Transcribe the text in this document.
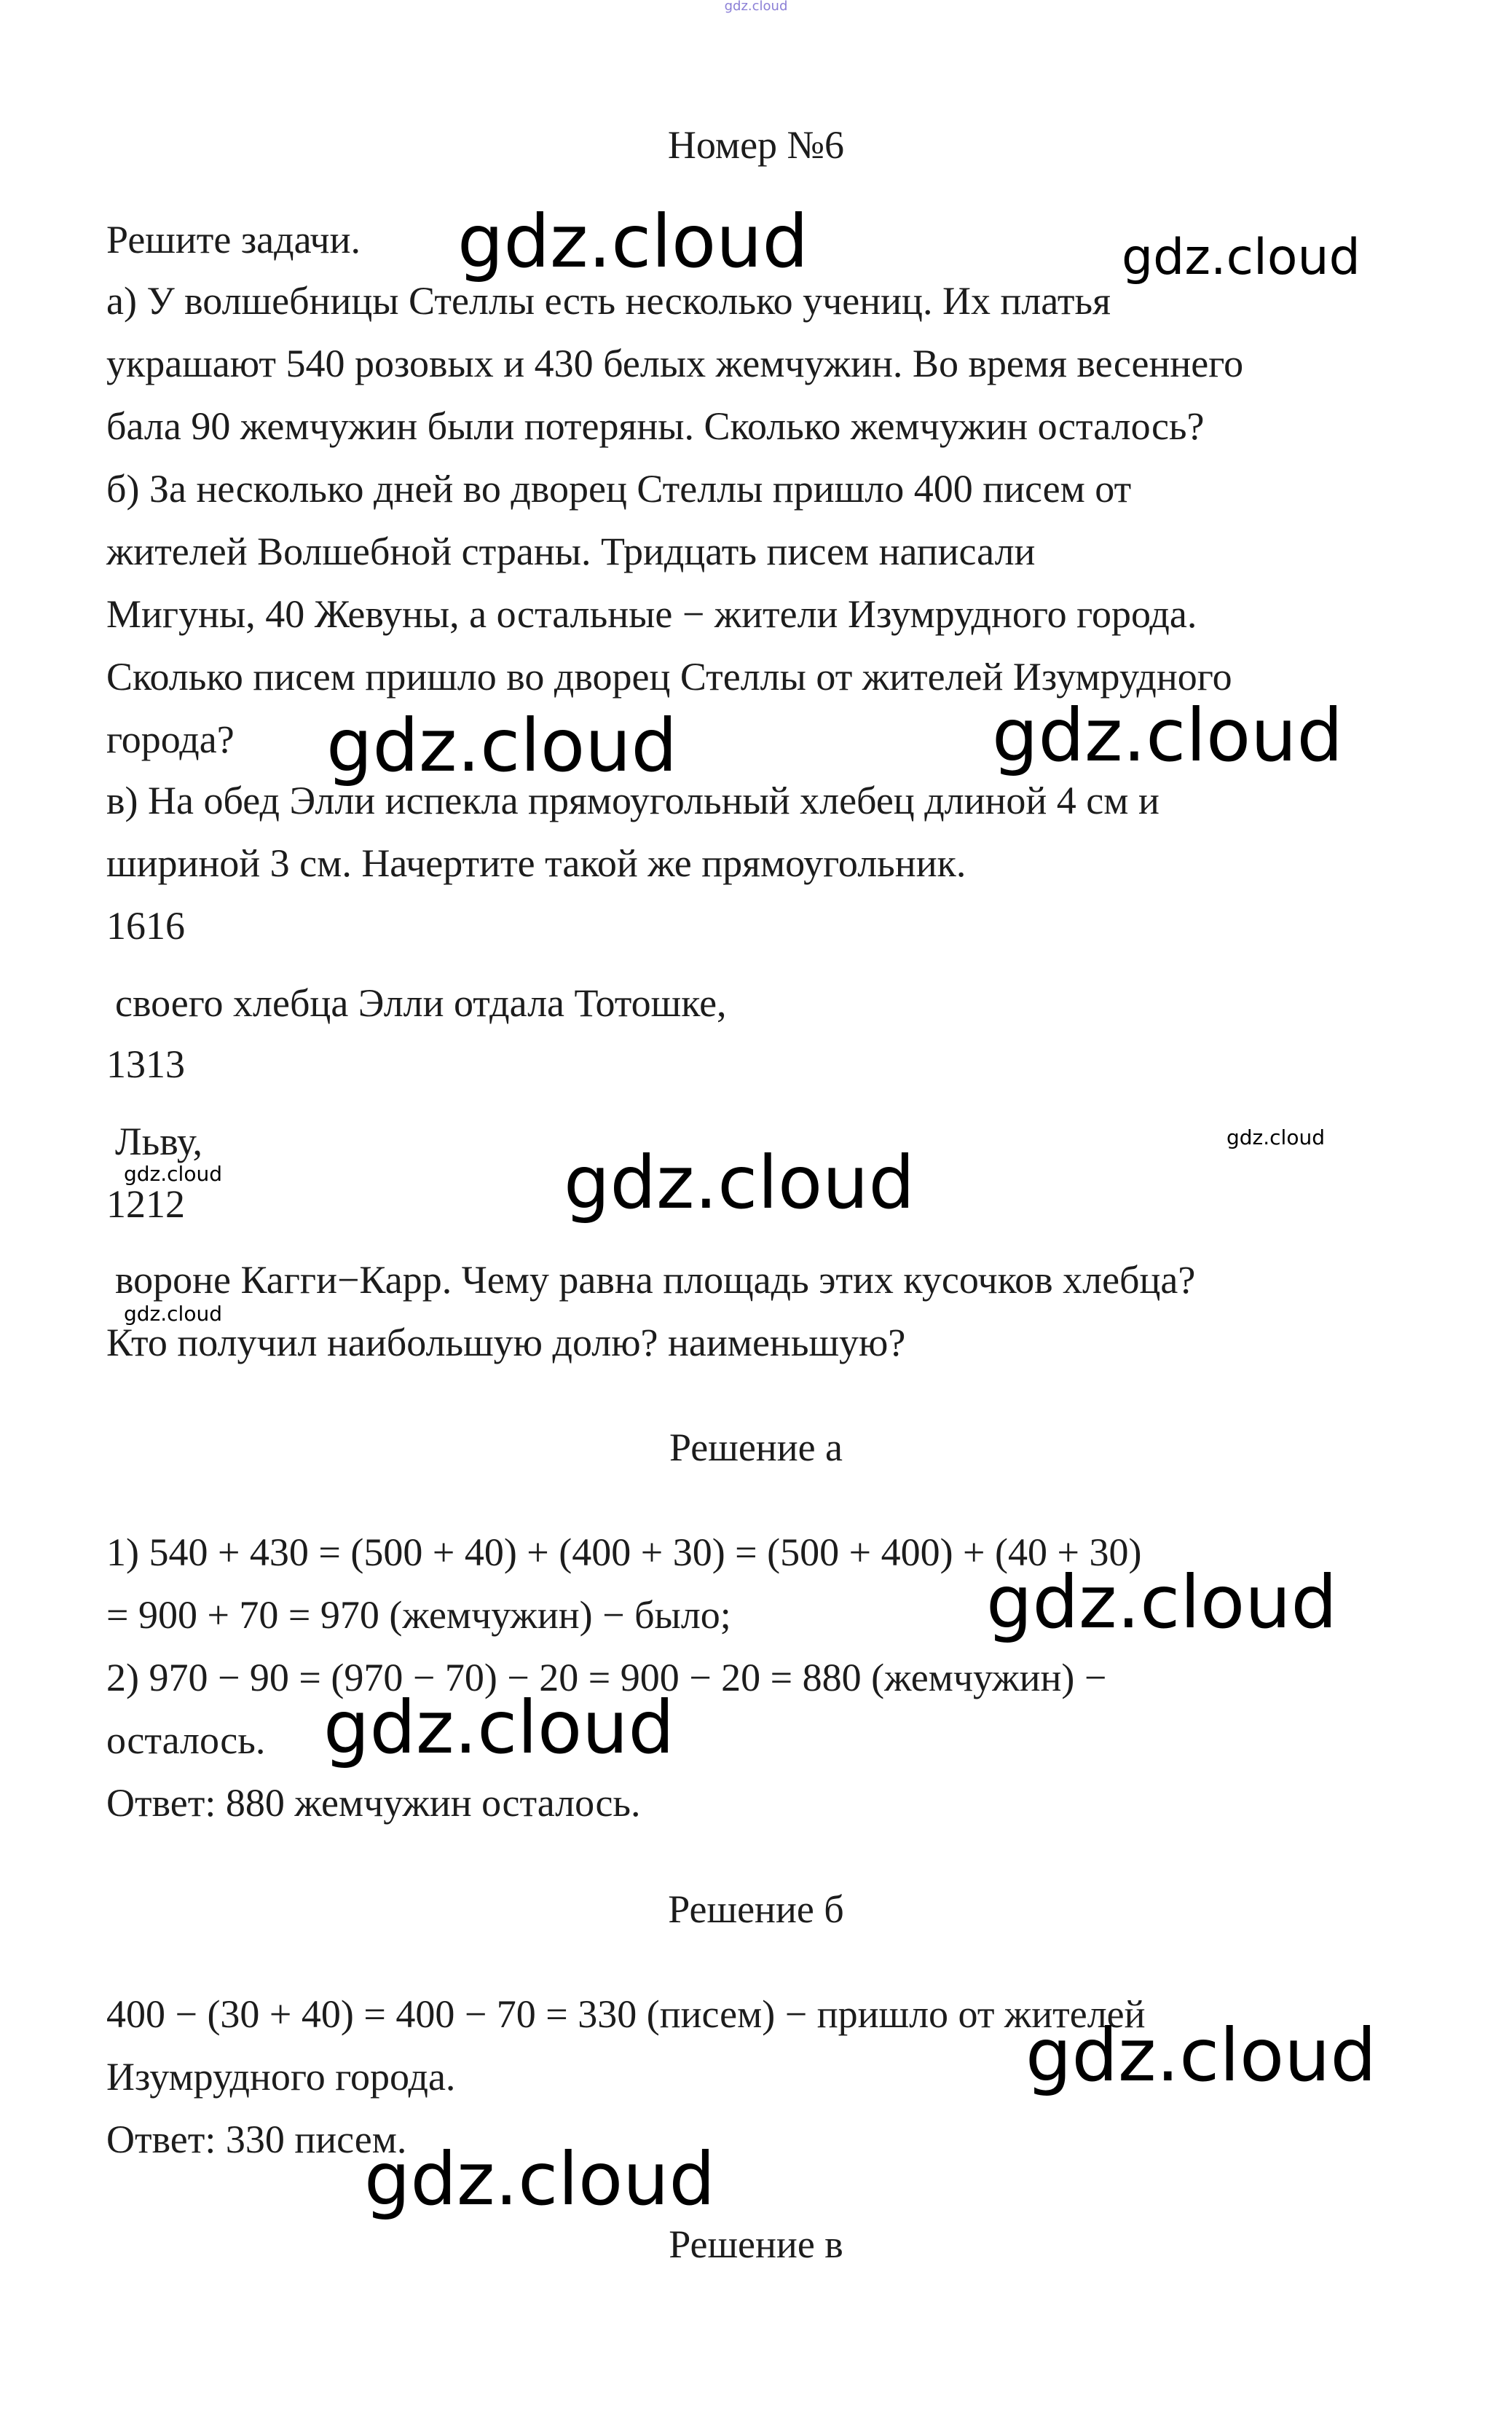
gdz.cloud
Номер №6
Решите задачи.
а) У волшебницы Стеллы есть несколько учениц. Их платья
украшают 540 розовых и 430 белых жемчужин. Во время весеннего
бала 90 жемчужин были потеряны. Сколько жемчужин осталось?
б) За несколько дней во дворец Стеллы пришло 400 писем от
жителей Волшебной страны. Тридцать писем написали
Мигуны, 40 Жевуны, а остальные − жители Изумрудного города.
Сколько писем пришло во дворец Стеллы от жителей Изумрудного
города?
в) На обед Элли испекла прямоугольный хлебец длиной 4 см и
шириной 3 см. Начертите такой же прямоугольник.
1616
своего хлебца Элли отдала Тотошке,
1313
Льву,
1212
вороне Кагги−Карр. Чему равна площадь этих кусочков хлебца?
Кто получил наибольшую долю? наименьшую?
Решение а
1) 540 + 430 = (500 + 40) + (400 + 30) = (500 + 400) + (40 + 30)
= 900 + 70 = 970 (жемчужин) − было;
2) 970 − 90 = (970 − 70) − 20 = 900 − 20 = 880 (жемчужин) −
осталось.
Ответ: 880 жемчужин осталось.
Решение б
400 − (30 + 40) = 400 − 70 = 330 (писем) − пришло от жителей
Изумрудного города.
Ответ: 330 писем.
Решение в
gdz.cloud	gdz.cloud
gdz.cloud	gdz.cloud
gdz.cloud
gdz.cloud	gdz.cloud
gdz.cloud
gdz.cloud
gdz.cloud
gdz.cloud
gdz.cloud
